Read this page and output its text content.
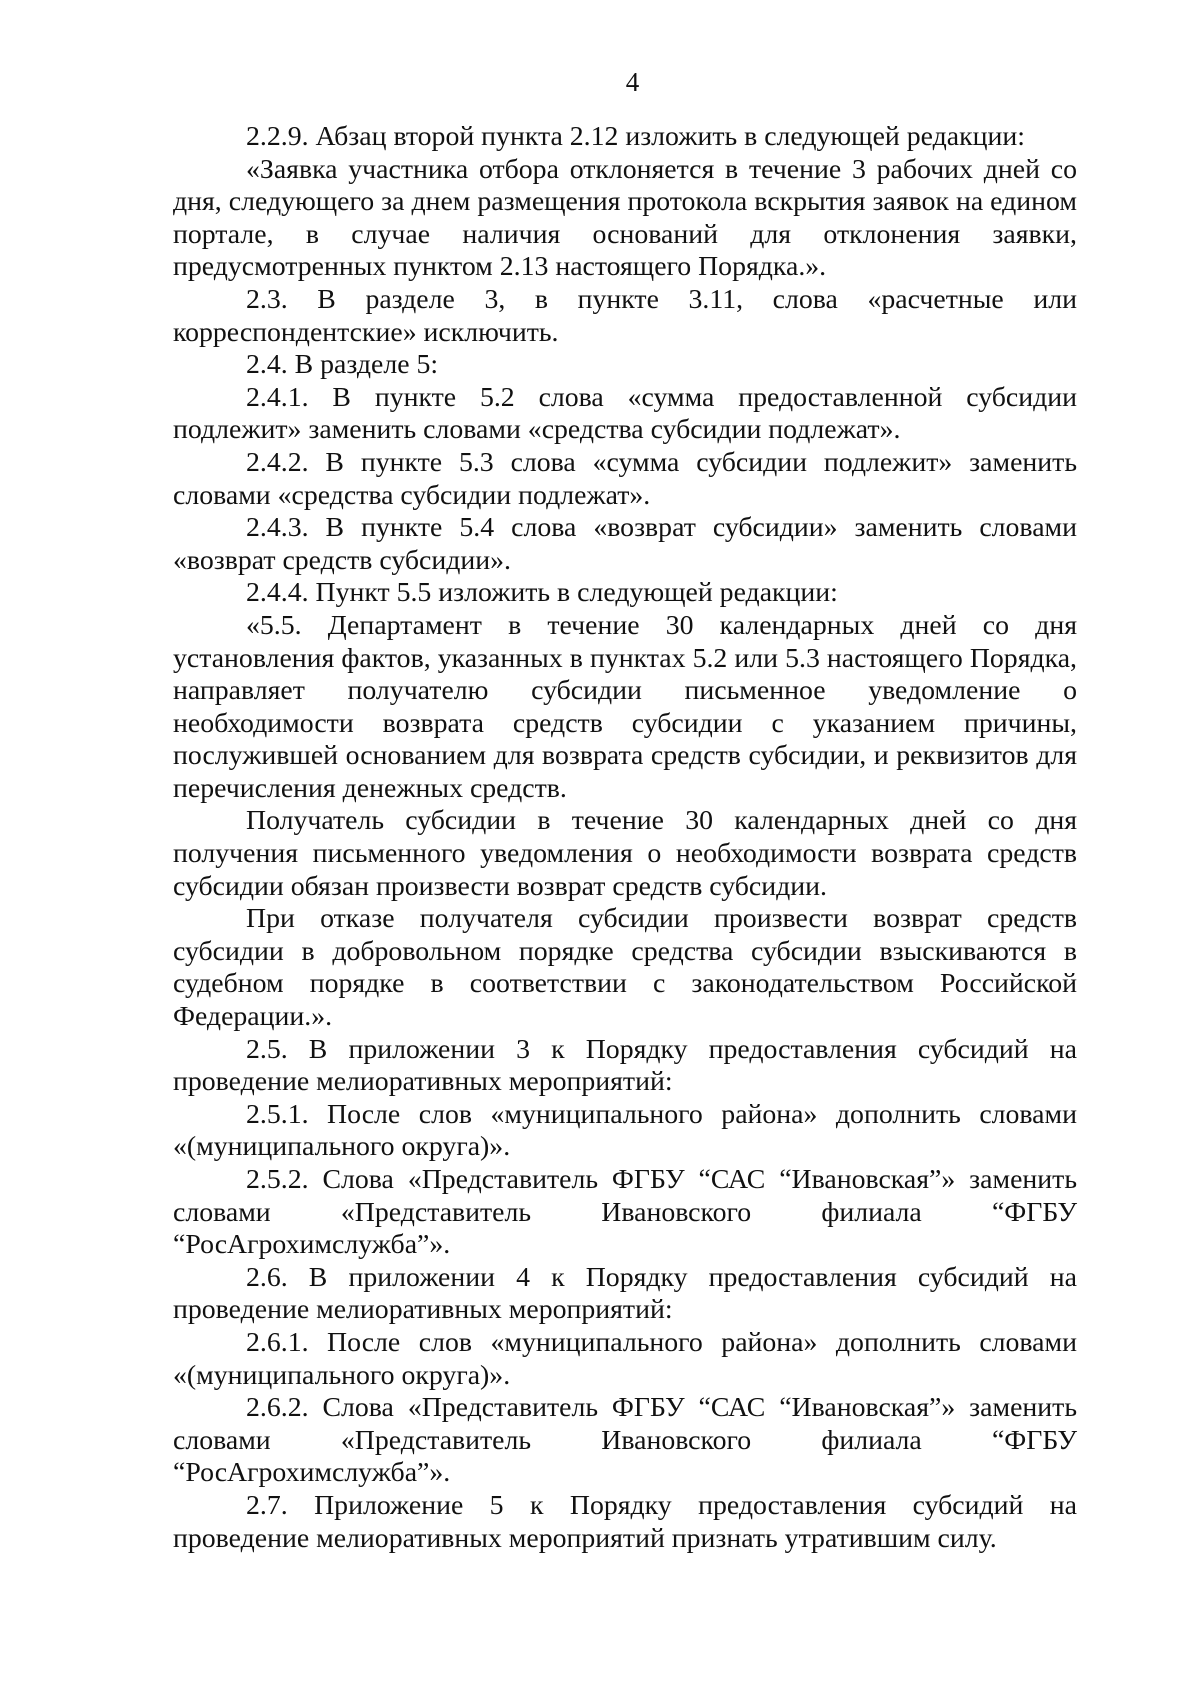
4

2.2.9. Абзац второй пункта 2.12 изложить в следующей редакции:

«Заявка участника отбора отклоняется в течение 3 рабочих дней со дня, следующего за днем размещения протокола вскрытия заявок на едином портале, в случае наличия оснований для отклонения заявки, предусмотренных пунктом 2.13 настоящего Порядка.».

2.3. В разделе 3, в пункте 3.11, слова «расчетные или корреспондентские» исключить.

2.4. В разделе 5:

2.4.1. В пункте 5.2 слова «сумма предоставленной субсидии подлежит» заменить словами «средства субсидии подлежат».

2.4.2. В пункте 5.3 слова «сумма субсидии подлежит» заменить словами «средства субсидии подлежат».

2.4.3. В пункте 5.4 слова «возврат субсидии» заменить словами «возврат средств субсидии».

2.4.4. Пункт 5.5 изложить в следующей редакции:

«5.5. Департамент в течение 30 календарных дней со дня установления фактов, указанных в пунктах 5.2 или 5.3 настоящего Порядка, направляет получателю субсидии письменное уведомление о необходимости возврата средств субсидии с указанием причины, послужившей основанием для возврата средств субсидии, и реквизитов для перечисления денежных средств.

Получатель субсидии в течение 30 календарных дней со дня получения письменного уведомления о необходимости возврата средств субсидии обязан произвести возврат средств субсидии.

При отказе получателя субсидии произвести возврат средств субсидии в добровольном порядке средства субсидии взыскиваются в судебном порядке в соответствии с законодательством Российской Федерации.».

2.5. В приложении 3 к Порядку предоставления субсидий на проведение мелиоративных мероприятий:

2.5.1. После слов «муниципального района» дополнить словами «(муниципального округа)».

2.5.2. Слова «Представитель ФГБУ “САС “Ивановская”» заменить словами «Представитель Ивановского филиала “ФГБУ “РосАгрохимслужба”».

2.6. В приложении 4 к Порядку предоставления субсидий на проведение мелиоративных мероприятий:

2.6.1. После слов «муниципального района» дополнить словами «(муниципального округа)».

2.6.2. Слова «Представитель ФГБУ “САС “Ивановская”» заменить словами «Представитель Ивановского филиала “ФГБУ “РосАгрохимслужба”».

2.7. Приложение 5 к Порядку предоставления субсидий на проведение мелиоративных мероприятий признать утратившим силу.
